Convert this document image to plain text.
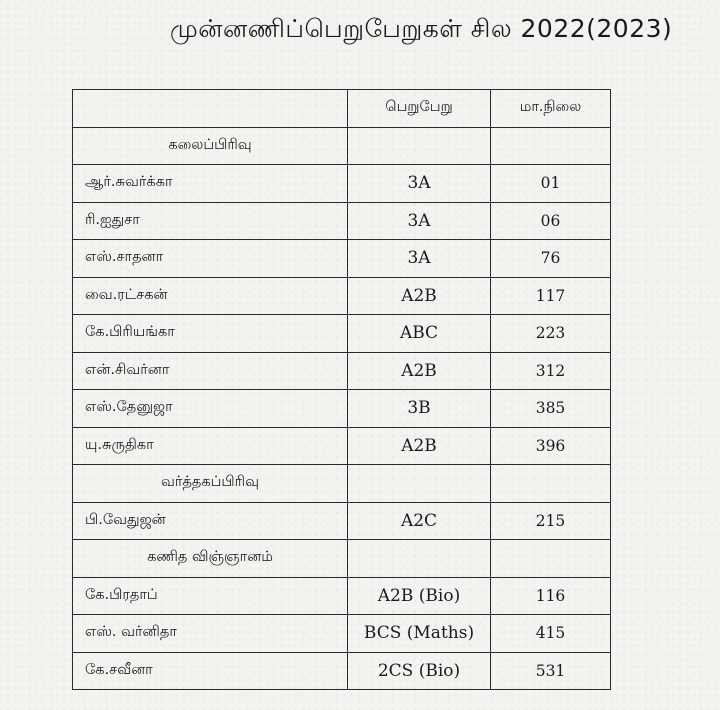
முன்னணிப்பெறுபேறுகள் சில 2022(2023)
	பெறுபேறு	மா.நிலை
கலைப்பிரிவு		
ஆர்.சுவர்க்கா	3A	01
ரி.ஐதுசா	3A	06
எஸ்.சாதனா	3A	76
வை.ரட்சகன்	A2B	117
கே.பிரியங்கா	ABC	223
என்.சிவர்னா	A2B	312
எஸ்.தேனுஜா	3B	385
யு.சுருதிகா	A2B	396
வர்த்தகப்பிரிவு		
பி.வேதுஜன்	A2C	215
கணித விஞ்ஞானம்		
கே.பிரதாப்	A2B (Bio)	116
எஸ். வர்னிதா	BCS (Maths)	415
கே.சவீனா	2CS (Bio)	531
